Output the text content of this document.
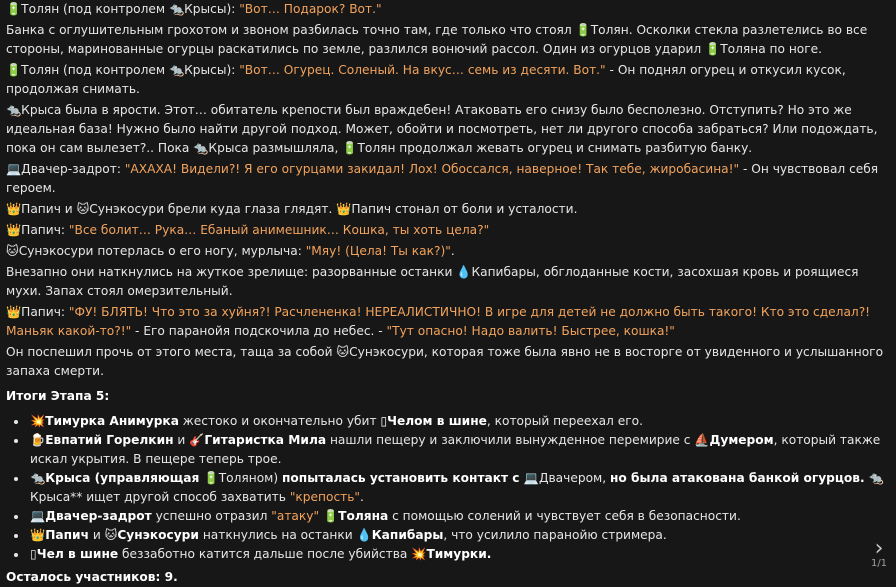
🔋Толян (под контролем 🐀Крысы): "Вот… Подарок? Вот."
Банка с оглушительным грохотом и звоном разбилась точно там, где только что стоял 🔋Толян. Осколки стекла разлетелись во все стороны, маринованные огурцы раскатились по земле, разлился вонючий рассол. Один из огурцов ударил 🔋Толяна по ноге.
🔋Толян (под контролем 🐀Крысы): "Вот… Огурец. Соленый. На вкус… семь из десяти. Вот." - Он поднял огурец и откусил кусок, продолжая снимать.
🐀Крыса была в ярости. Этот… обитатель крепости был враждебен! Атаковать его снизу было бесполезно. Отступить? Но это же идеальная база! Нужно было найти другой подход. Может, обойти и посмотреть, нет ли другого способа забраться? Или подождать, пока он сам вылезет?.. Пока 🐀Крыса размышляла, 🔋Толян продолжал жевать огурец и снимать разбитую банку.
💻Двачер-задрот: "АХАХА! Видели?! Я его огурцами закидал! Лох! Обоссался, наверное! Так тебе, жиробасина!" - Он чувствовал себя героем.
👑Папич и 🐱Сунэкосури брели куда глаза глядят. 👑Папич стонал от боли и усталости.
👑Папич: "Все болит… Рука… Ебаный анимешник… Кошка, ты хоть цела?"
🐱Сунэкосури потерлась о его ногу, мурлыча: "Мяу! (Цела! Ты как?)".
Внезапно они наткнулись на жуткое зрелище: разорванные останки 💧Капибары, обглоданные кости, засохшая кровь и роящиеся мухи. Запах стоял омерзительный.
👑Папич: "ФУ! БЛЯТЬ! Что это за хуйня?! Расчлененка! НЕРЕАЛИСТИЧНО! В игре для детей не должно быть такого! Кто это сделал?! Маньяк какой-то?!" - Его паранойя подскочила до небес. - "Тут опасно! Надо валить! Быстрее, кошка!"
Он поспешил прочь от этого места, таща за собой 🐱Сунэкосури, которая тоже была явно не в восторге от увиденного и услышанного запаха смерти.
Итоги Этапа 5:
• 💥Тимурка Анимурка жестоко и окончательно убит ▯Челом в шине, который переехал его.
• 🍺Евпатий Горелкин и 🎸Гитаристка Мила нашли пещеру и заключили вынужденное перемирие с ⛵Думером, который также искал укрытия. В пещере теперь трое.
• 🐀Крыса (управляющая 🔋Толяном) попыталась установить контакт с 💻Двачером, но была атакована банкой огурцов. 🐀Крыса** ищет другой способ захватить "крепость".
• 💻Двачер-задрот успешно отразил "атаку" 🔋Толяна с помощью солений и чувствует себя в безопасности.
• 👑Папич и 🐱Сунэкосури наткнулись на останки 💧Капибары, что усилило паранойю стримера.
• ▯Чел в шине беззаботно катится дальше после убийства 💥Тимурки.
Осталось участников: 9.
›
1/1
